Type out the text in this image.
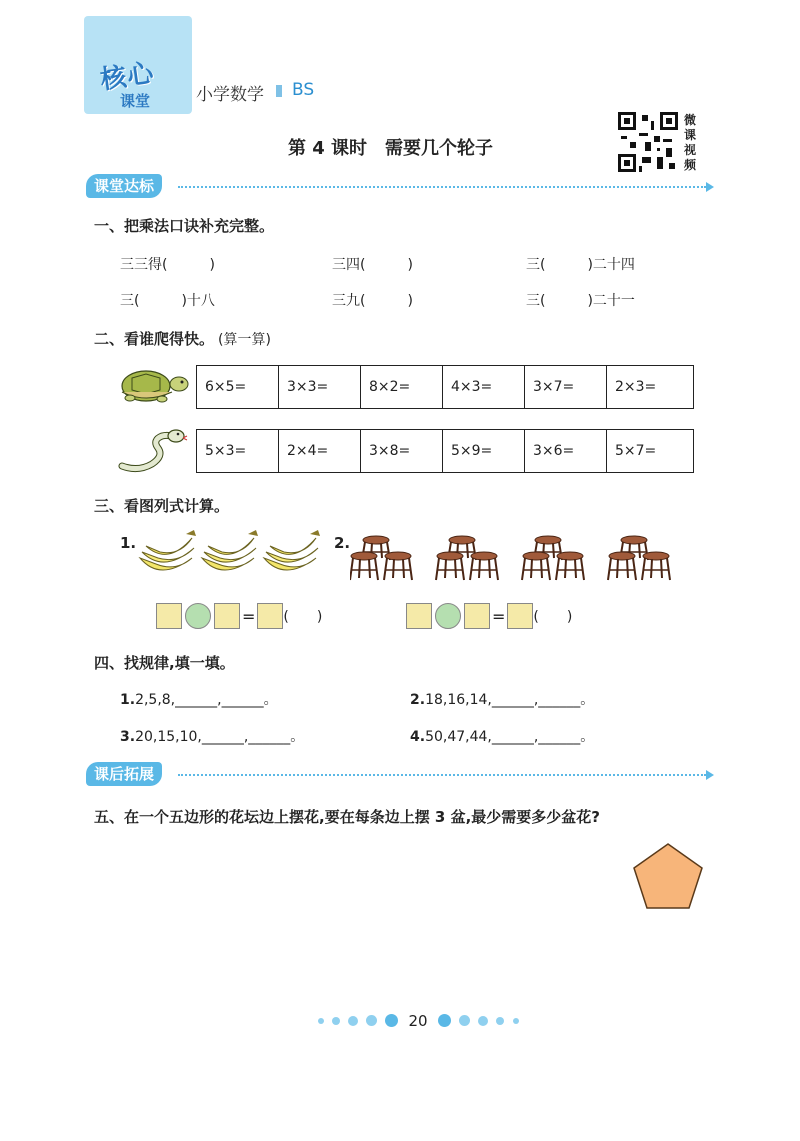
核心
课堂	小学数学 BS
第 4 课时　需要几个轮子
微课视频
课堂达标
一、把乘法口诀补充完整。
三三得(　　　)	三四(　　　)	三(　　　)二十四
三(　　　)十八	三九(　　　)	三(　　　)二十一
二、看谁爬得快。 (算一算)
6×5=	3×3=	8×2=	4×3=	3×7=	2×3=
5×3=	2×4=	3×8=	5×9=	3×6=	5×7=
三、看图列式计算。
1.	2.
= (　　)	= (　　)
四、找规律,填一填。
1.2,5,8,______,______。	2.18,16,14,______,______。
3.20,15,10,______,______。	4.50,47,44,______,______。
课后拓展
五、在一个五边形的花坛边上摆花,要在每条边上摆 3 盆,最少需要多少盆花?
20
